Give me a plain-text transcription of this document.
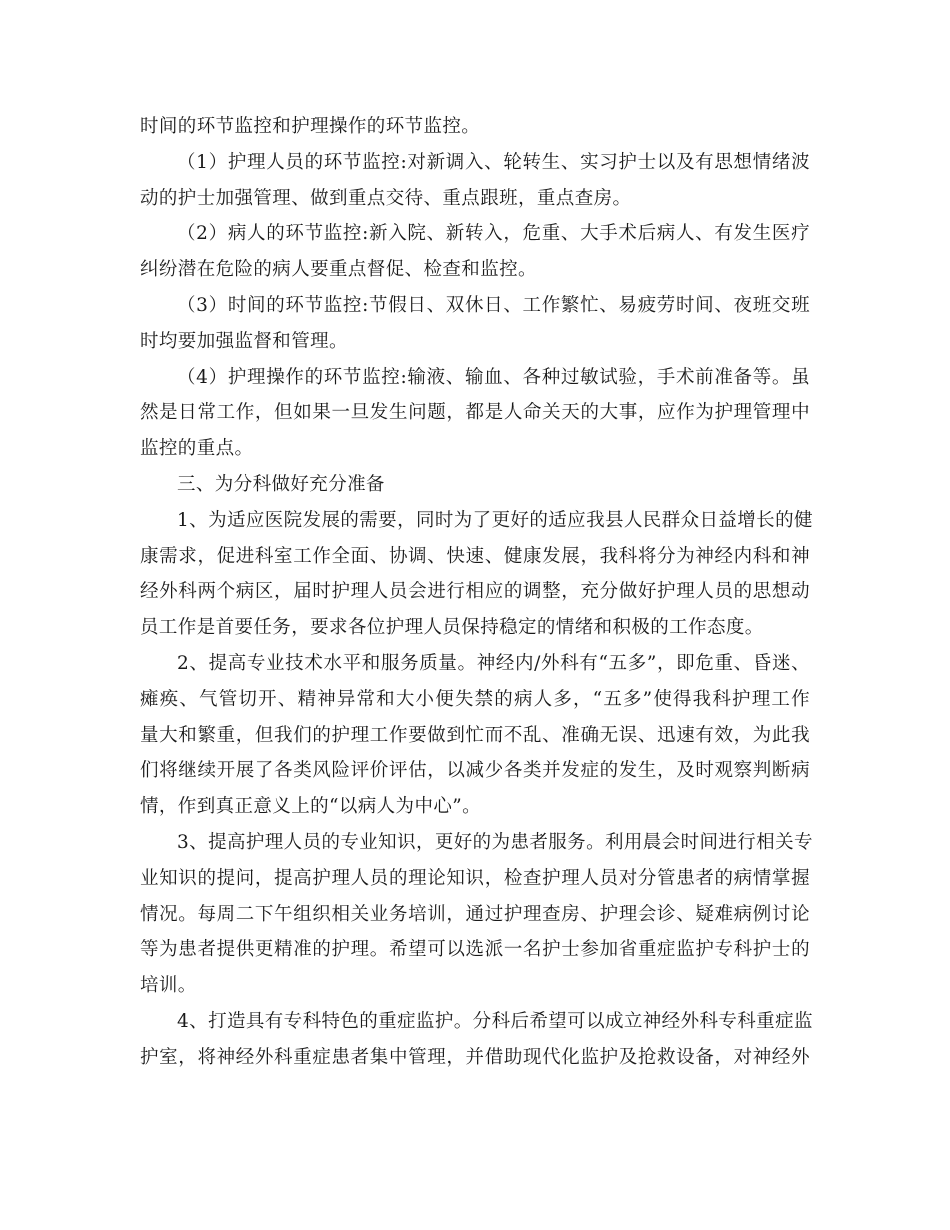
时间的环节监控和护理操作的环节监控。
（1）护理人员的环节监控:对新调入、轮转生、实习护士以及有思想情绪波
动的护士加强管理、做到重点交待、重点跟班，重点查房。
（2）病人的环节监控:新入院、新转入，危重、大手术后病人、有发生医疗
纠纷潜在危险的病人要重点督促、检查和监控。
（3）时间的环节监控:节假日、双休日、工作繁忙、易疲劳时间、夜班交班
时均要加强监督和管理。
（4）护理操作的环节监控:输液、输血、各种过敏试验，手术前准备等。虽
然是日常工作，但如果一旦发生问题，都是人命关天的大事，应作为护理管理中
监控的重点。
三、为分科做好充分准备
1、为适应医院发展的需要，同时为了更好的适应我县人民群众日益增长的健
康需求，促进科室工作全面、协调、快速、健康发展，我科将分为神经内科和神
经外科两个病区，届时护理人员会进行相应的调整，充分做好护理人员的思想动
员工作是首要任务，要求各位护理人员保持稳定的情绪和积极的工作态度。
2、提高专业技术水平和服务质量。神经内/外科有“五多”，即危重、昏迷、
瘫痪、气管切开、精神异常和大小便失禁的病人多，“五多”使得我科护理工作
量大和繁重，但我们的护理工作要做到忙而不乱、准确无误、迅速有效，为此我
们将继续开展了各类风险评价评估，以减少各类并发症的发生，及时观察判断病
情，作到真正意义上的“以病人为中心”。
3、提高护理人员的专业知识，更好的为患者服务。利用晨会时间进行相关专
业知识的提问，提高护理人员的理论知识，检查护理人员对分管患者的病情掌握
情况。每周二下午组织相关业务培训，通过护理查房、护理会诊、疑难病例讨论
等为患者提供更精准的护理。希望可以选派一名护士参加省重症监护专科护士的
培训。
4、打造具有专科特色的重症监护。分科后希望可以成立神经外科专科重症监
护室，将神经外科重症患者集中管理，并借助现代化监护及抢救设备，对神经外
